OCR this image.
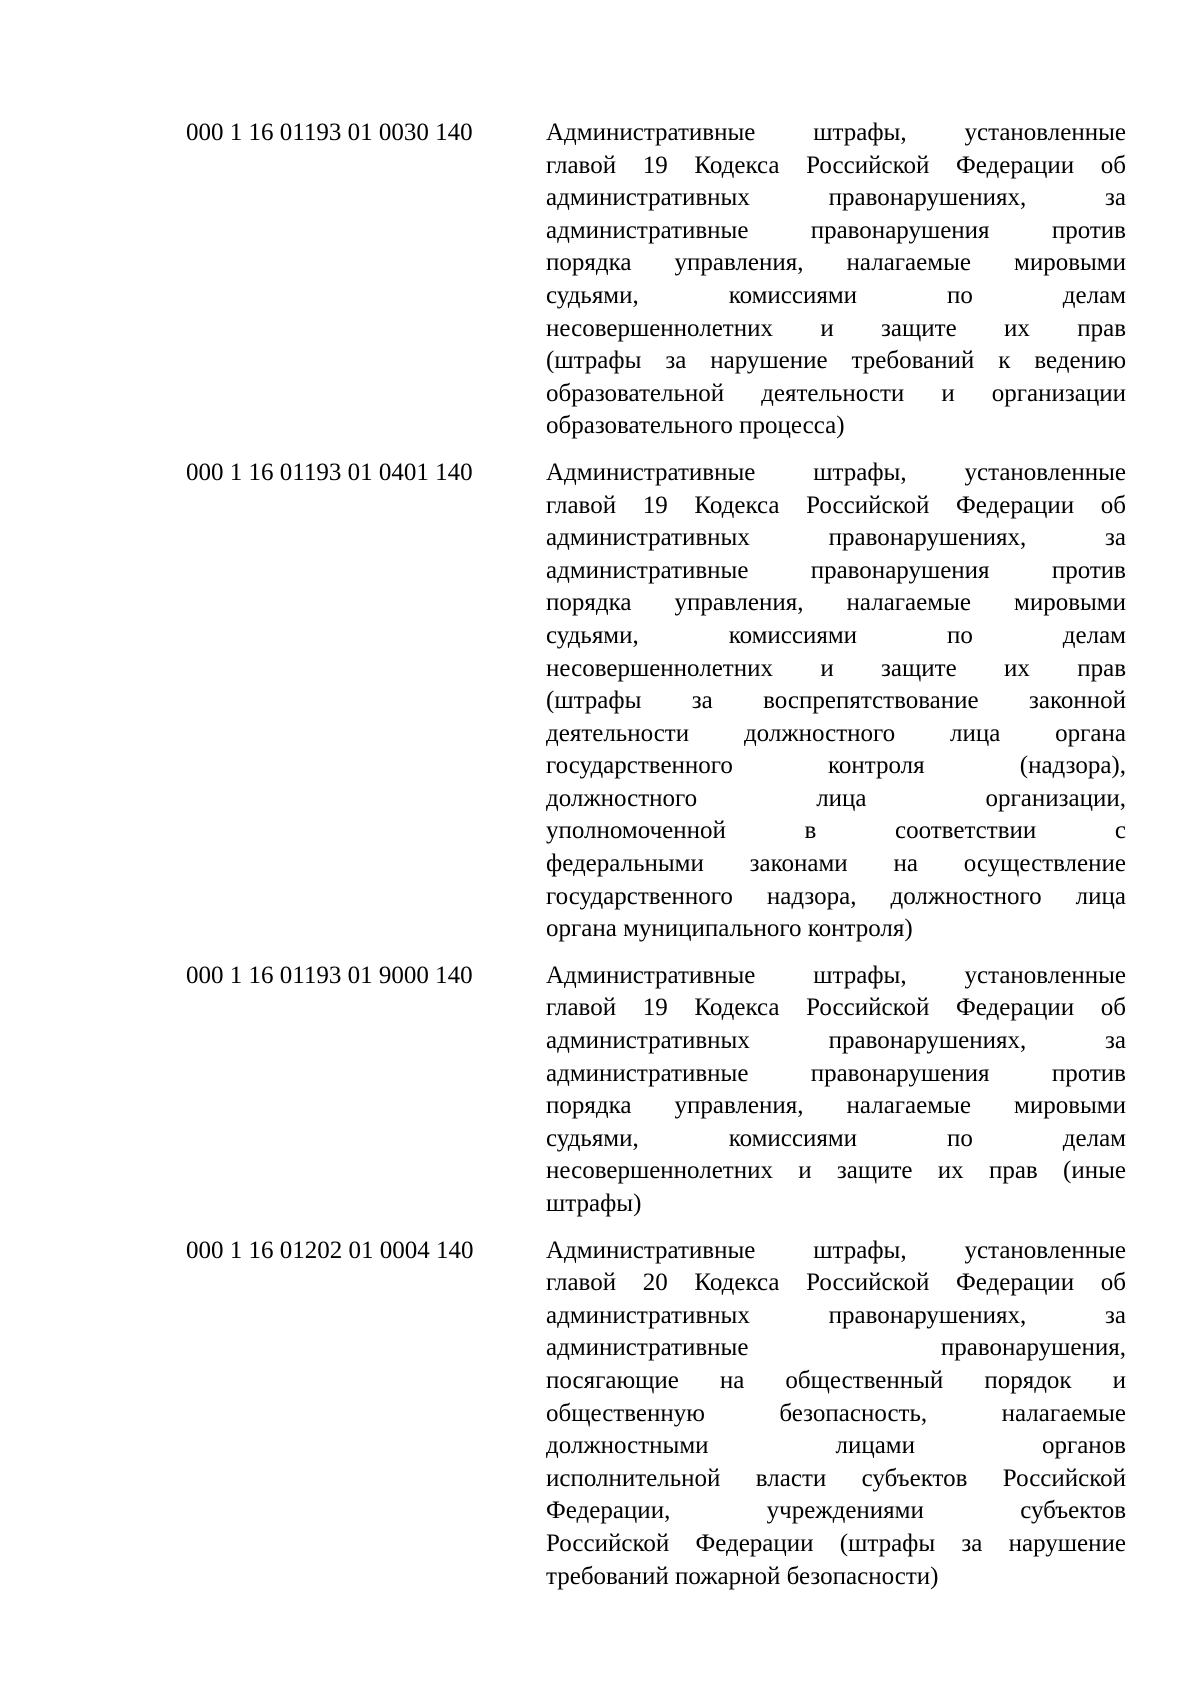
000 1 16 01193 01 0030 140	Административные штрафы, установленные
главой 19 Кодекса Российской Федерации об
административных правонарушениях, за
административные правонарушения против
порядка управления, налагаемые мировыми
судьями, комиссиями по делам
несовершеннолетних и защите их прав
(штрафы за нарушение требований к ведению
образовательной деятельности и организации
образовательного процесса)
000 1 16 01193 01 0401 140	Административные штрафы, установленные
главой 19 Кодекса Российской Федерации об
административных правонарушениях, за
административные правонарушения против
порядка управления, налагаемые мировыми
судьями, комиссиями по делам
несовершеннолетних и защите их прав
(штрафы за воспрепятствование законной
деятельности должностного лица органа
государственного контроля (надзора),
должностного лица организации,
уполномоченной в соответствии с
федеральными законами на осуществление
государственного надзора, должностного лица
органа муниципального контроля)
000 1 16 01193 01 9000 140	Административные штрафы, установленные
главой 19 Кодекса Российской Федерации об
административных правонарушениях, за
административные правонарушения против
порядка управления, налагаемые мировыми
судьями, комиссиями по делам
несовершеннолетних и защите их прав (иные
штрафы)
000 1 16 01202 01 0004 140	Административные штрафы, установленные
главой 20 Кодекса Российской Федерации об
административных правонарушениях, за
административные правонарушения,
посягающие на общественный порядок и
общественную безопасность, налагаемые
должностными лицами органов
исполнительной власти субъектов Российской
Федерации, учреждениями субъектов
Российской Федерации (штрафы за нарушение
требований пожарной безопасности)
